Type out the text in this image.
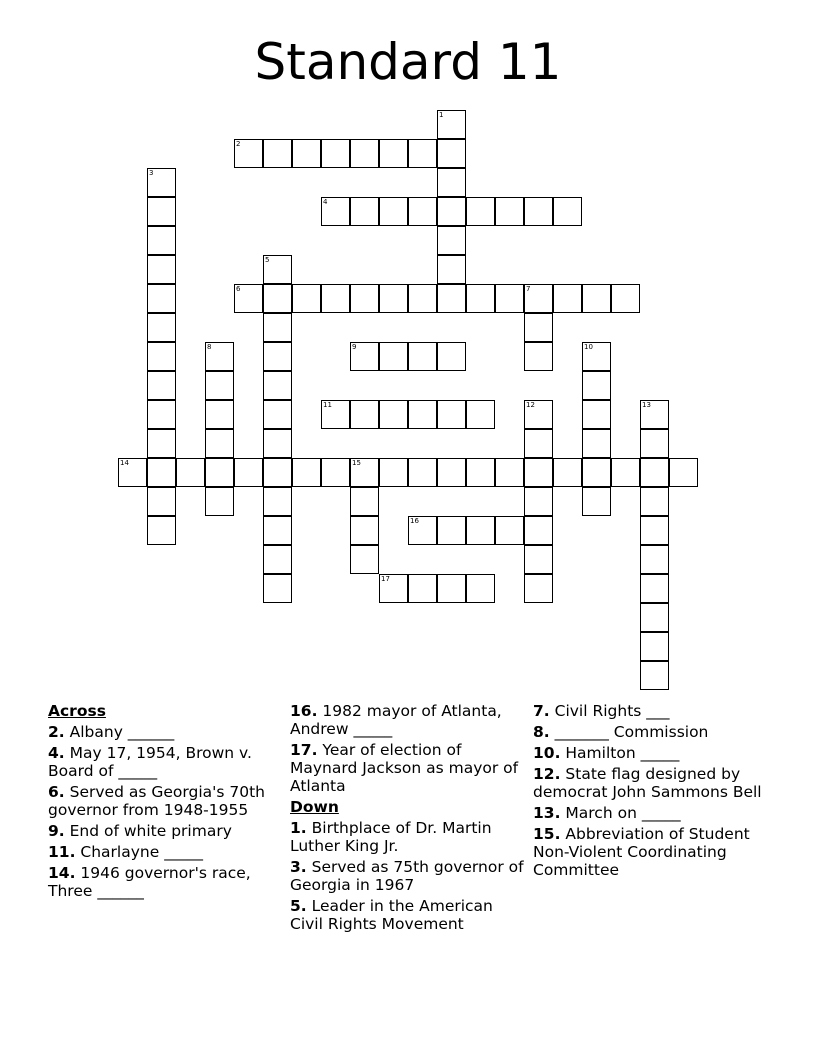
Standard 11
1
2
3
4
5
6	7
8	9	10
11	12	13
14	15
16
17
Across
2. Albany ______
4. May 17, 1954, Brown v. Board of _____
6. Served as Georgia's 70th governor from 1948-1955
9. End of white primary
11. Charlayne _____
14. 1946 governor's race, Three ______
16. 1982 mayor of Atlanta, Andrew _____
17. Year of election of Maynard Jackson as mayor of Atlanta
Down
1. Birthplace of Dr. Martin Luther King Jr.
3. Served as 75th governor of Georgia in 1967
5. Leader in the American Civil Rights Movement
7. Civil Rights ___
8. _______ Commission
10. Hamilton _____
12. State flag designed by democrat John Sammons Bell
13. March on _____
15. Abbreviation of Student Non-Violent Coordinating Committee
